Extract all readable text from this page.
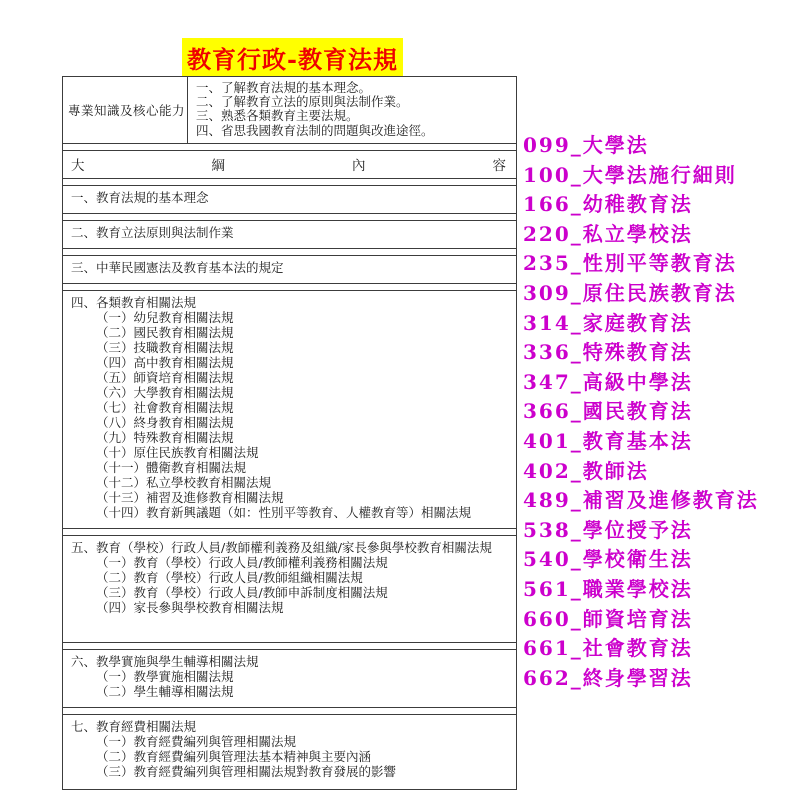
教育行政-教育法規
專業知識及核心能力
一、了解教育法規的基本理念。
二、了解教育立法的原則與法制作業。
三、熟悉各類教育主要法規。
四、省思我國教育法制的問題與改進途徑。
大	綱	內	容
一、教育法規的基本理念
二、教育立法原則與法制作業
三、中華民國憲法及教育基本法的規定
四、各類教育相關法規
（一）幼兒教育相關法規
（二）國民教育相關法規
（三）技職教育相關法規
（四）高中教育相關法規
（五）師資培育相關法規
（六）大學教育相關法規
（七）社會教育相關法規
（八）終身教育相關法規
（九）特殊教育相關法規
（十）原住民族教育相關法規
（十一）體衛教育相關法規
（十二）私立學校教育相關法規
（十三）補習及進修教育相關法規
（十四）教育新興議題（如：性別平等教育、人權教育等）相關法規
五、教育（學校）行政人員/教師權利義務及組織/家長參與學校教育相關法規
（一）教育（學校）行政人員/教師權利義務相關法規
（二）教育（學校）行政人員/教師組織相關法規
（三）教育（學校）行政人員/教師申訴制度相關法規
（四）家長參與學校教育相關法規
六、教學實施與學生輔導相關法規
（一）教學實施相關法規
（二）學生輔導相關法規
七、教育經費相關法規
（一）教育經費編列與管理相關法規
（二）教育經費編列與管理法基本精神與主要內涵
（三）教育經費編列與管理相關法規對教育發展的影響
099_大學法
100_大學法施行細則
166_幼稚教育法
220_私立學校法
235_性別平等教育法
309_原住民族教育法
314_家庭教育法
336_特殊教育法
347_高級中學法
366_國民教育法
401_教育基本法
402_教師法
489_補習及進修教育法
538_學位授予法
540_學校衛生法
561_職業學校法
660_師資培育法
661_社會教育法
662_終身學習法
